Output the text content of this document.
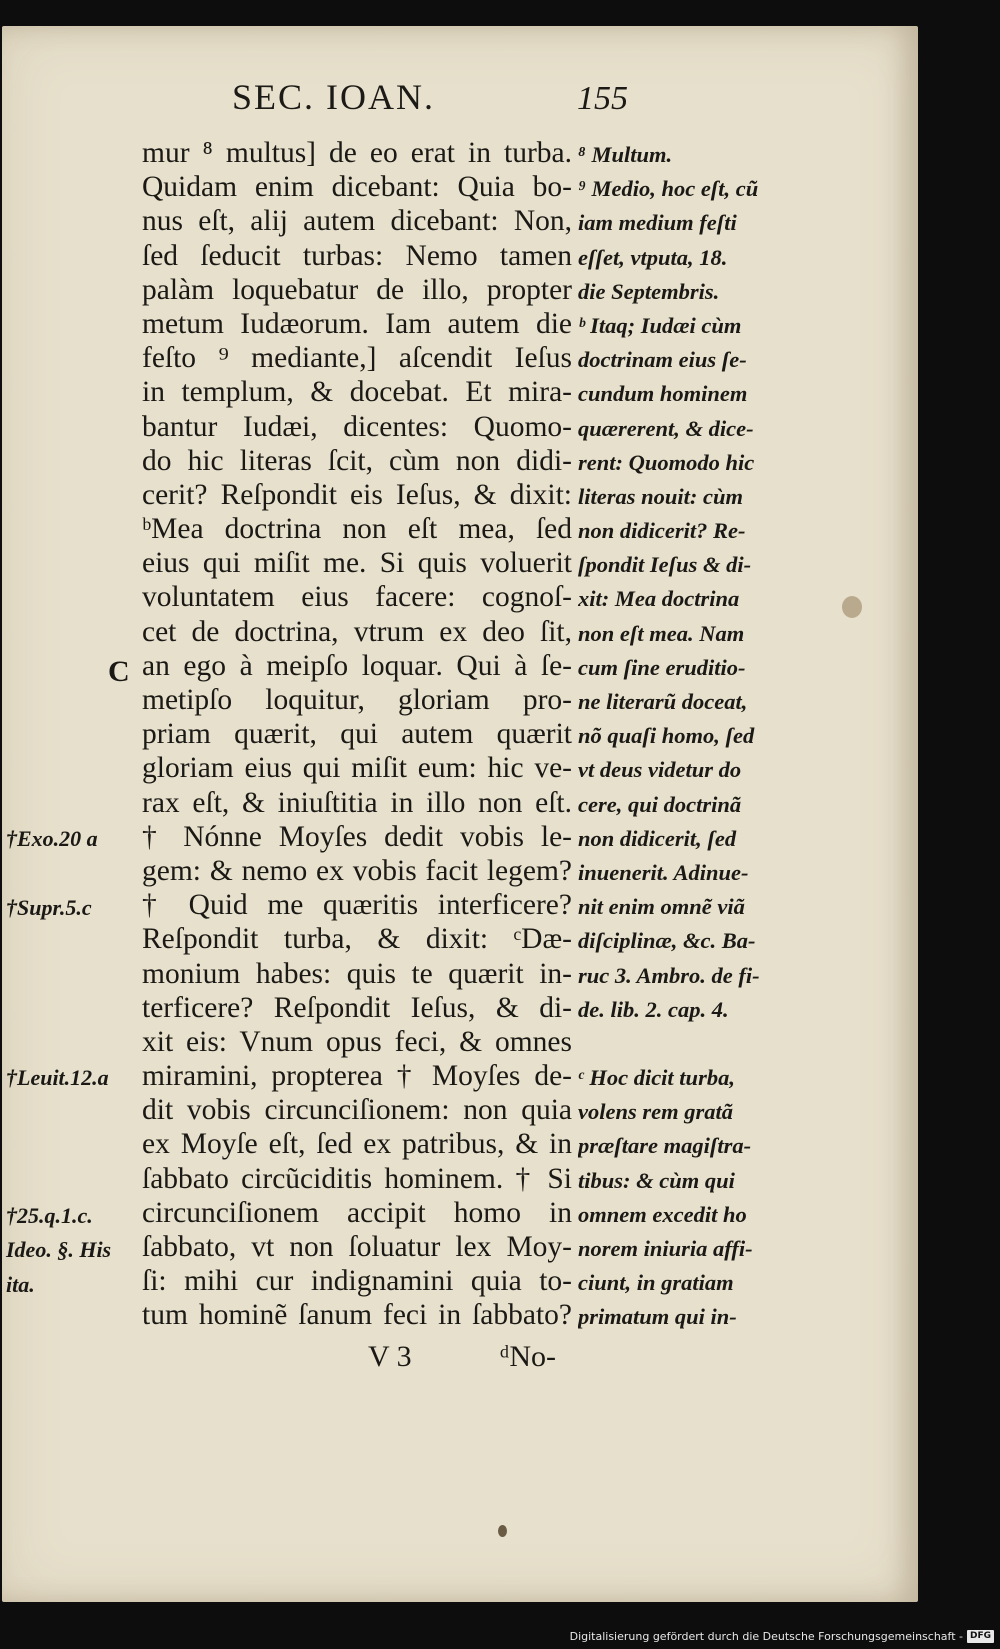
SEC. IOAN.	155
mur ⁸ multus] de eo erat in turba.
Quidam enim dicebant: Quia bo-
nus eſt, alij autem dicebant: Non,
ſed ſeducit turbas: Nemo tamen
palàm loquebatur de illo, propter
metum Iudæorum. Iam autem die
feſto ⁹ mediante,] aſcendit Ieſus
in templum, & docebat. Et mira-
bantur Iudæi, dicentes: Quomo-
do hic literas ſcit, cùm non didi-
cerit? Reſpondit eis Ieſus, & dixit:
ᵇMea doctrina non eſt mea, ſed
eius qui miſit me. Si quis voluerit
voluntatem eius facere: cognoſ-
cet de doctrina, vtrum ex deo ſit,
an ego à meipſo loquar. Qui à ſe-
metipſo loquitur, gloriam pro-
priam quærit, qui autem quærit
gloriam eius qui miſit eum: hic ve-
rax eſt, & iniuſtitia in illo non eſt.
† Nónne Moyſes dedit vobis le-
gem: & nemo ex vobis facit legem?
† Quid me quæritis interficere?
Reſpondit turba, & dixit: ᶜDæ-
monium habes: quis te quærit in-
terficere? Reſpondit Ieſus, & di-
xit eis: Vnum opus feci, & omnes
miramini, propterea † Moyſes de-
dit vobis circunciſionem: non quia
ex Moyſe eſt, ſed ex patribus, & in
ſabbato circũciditis hominem. † Si
circunciſionem accipit homo in
ſabbato, vt non ſoluatur lex Moy-
ſi: mihi cur indignamini quia to-
tum hominẽ ſanum feci in ſabbato?
⁸ Multum.
⁹ Medio, hoc eſt, cũ
iam medium feſti
eſſet, vtputa, 18.
die Septembris.
ᵇ Itaq; Iudæi cùm
doctrinam eius ſe-
cundum hominem
quærerent, & dice-
rent: Quomodo hic
literas nouit: cùm
non didicerit? Re-
ſpondit Ieſus & di-
xit: Mea doctrina
non eſt mea. Nam
cum ſine eruditio-
ne literarũ doceat,
nõ quaſi homo, ſed
vt deus videtur do
cere, qui doctrinã
non didicerit, ſed
inuenerit. Adinue-
nit enim omnẽ viã
diſciplinæ, &c. Ba-
ruc 3. Ambro. de fi-
de. lib. 2. cap. 4.
ᶜ Hoc dicit turba,
volens rem gratã
præſtare magiſtra-
tibus: & cùm qui
omnem excedit ho
norem iniuria affi-
ciunt, in gratiam
primatum qui in-
†Exo.20 a
†Supr.5.c
†Leuit.12.a
†25.q.1.c.
Ideo. §. His
ita.
C
V 3	ᵈNo-
Digitalisierung gefördert durch die Deutsche Forschungsgemeinschaft - DFG
